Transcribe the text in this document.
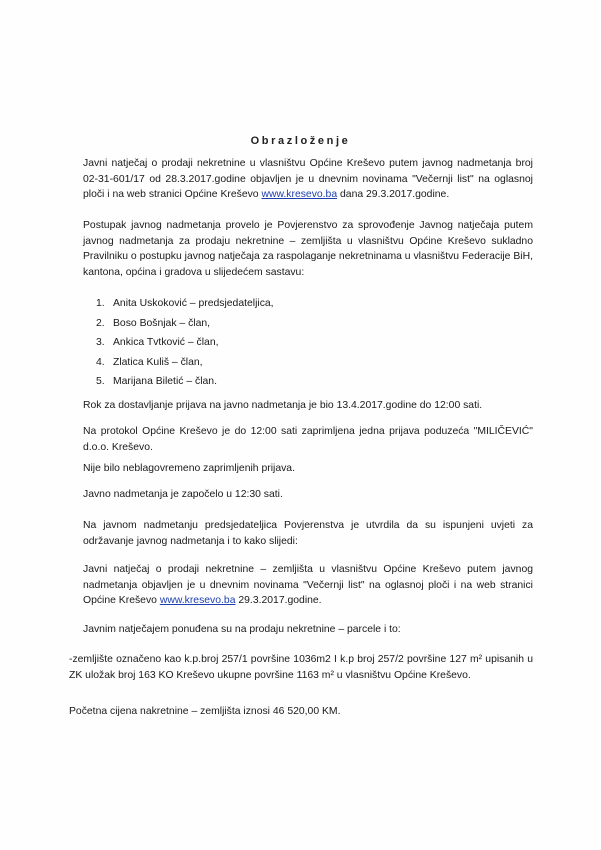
Obrazloženje
Javni natječaj o prodaji nekretnine u vlasništvu Općine Kreševo putem javnog nadmetanja broj 02-31-601/17 od 28.3.2017.godine objavljen je u dnevnim novinama "Večernji list" na oglasnoj ploči i na web stranici Općine Kreševo www.kresevo.ba dana 29.3.2017.godine.
Postupak javnog nadmetanja provelo je Povjerenstvo za sprovođenje Javnog natječaja putem javnog nadmetanja za prodaju nekretnine – zemljišta u vlasništvu Općine Kreševo sukladno Pravilniku o postupku javnog natječaja za raspolaganje nekretninama u vlasništvu Federacije BiH, kantona, općina i gradova u slijedećem sastavu:
1. Anita Uskoković – predsjedateljica,
2. Boso Bošnjak – član,
3. Ankica Tvtković – član,
4. Zlatica Kuliš – član,
5. Marijana Biletić – član.
Rok za dostavljanje prijava na javno nadmetanja je bio 13.4.2017.godine do 12:00 sati.
Na protokol Općine Kreševo je do 12:00 sati zaprimljena jedna prijava poduzeća "MILIČEVIĆ" d.o.o. Kreševo.
Nije bilo neblagovremeno zaprimljenih prijava.
Javno nadmetanja je započelo u 12:30 sati.
Na javnom nadmetanju predsjedateljica Povjerenstva je utvrdila da su ispunjeni uvjeti za održavanje javnog nadmetanja i to kako slijedi:
Javni natječaj o prodaji nekretnine – zemljišta u vlasništvu Općine Kreševo putem javnog nadmetanja objavljen je u dnevnim novinama "Večernji list" na oglasnoj ploči i na web stranici Općine Kreševo www.kresevo.ba 29.3.2017.godine.
Javnim natječajem ponuđena su na prodaju nekretnine – parcele i to:
-zemljište označeno kao k.p.broj 257/1 površine 1036m2 I k.p broj 257/2 površine 127 m² upisanih u ZK uložak broj 163 KO Kreševo ukupne površine 1163 m² u vlasništvu Općine Kreševo.
Početna cijena nakretnine – zemljišta iznosi 46 520,00 KM.
